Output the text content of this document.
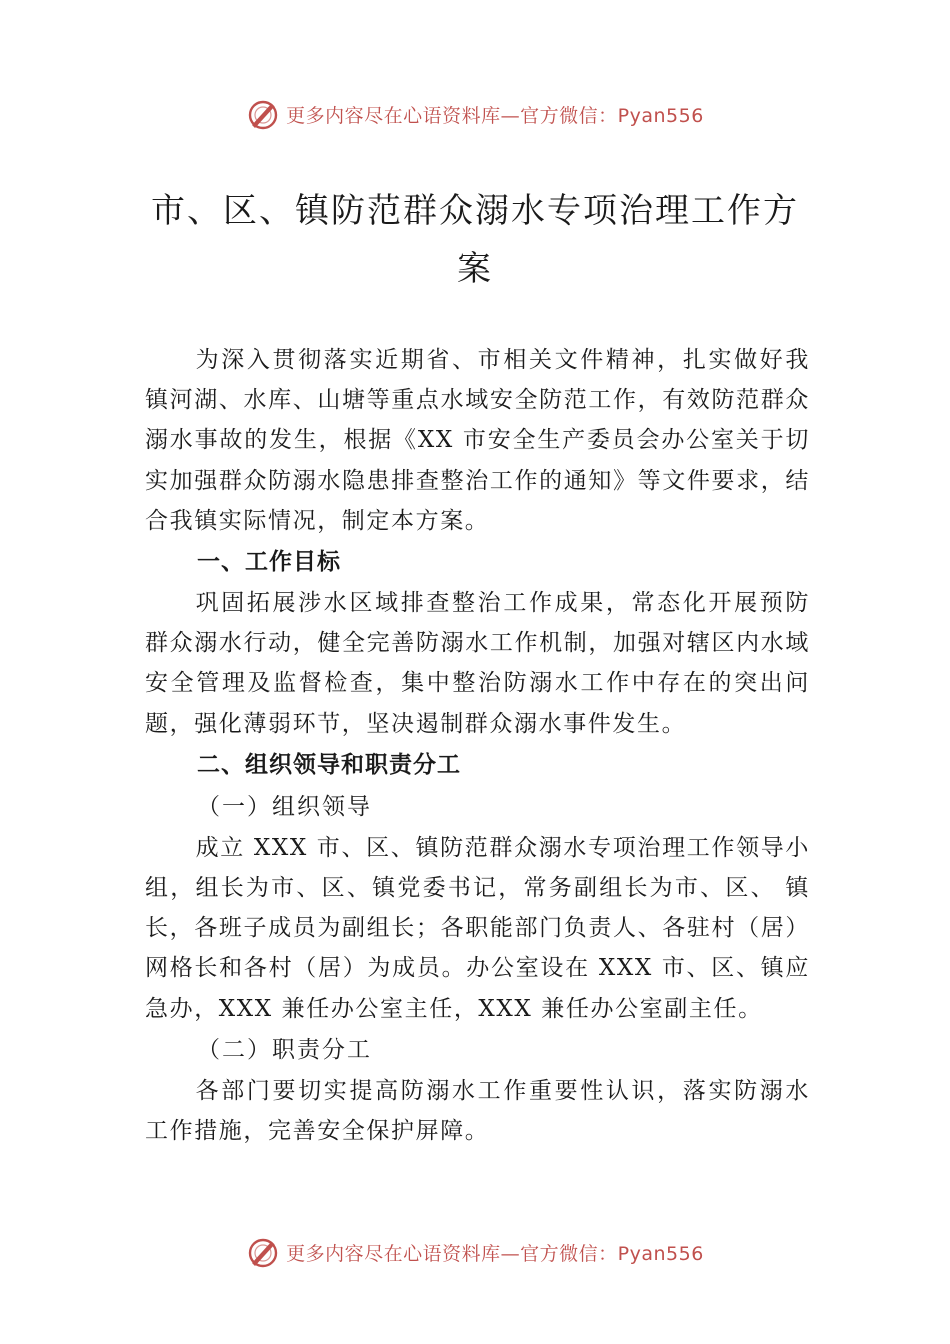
更多内容尽在心语资料库—官方微信：Pyan556
市、区、镇防范群众溺水专项治理工作方案

为深入贯彻落实近期省、市相关文件精神，扎实做好我镇河湖、水库、山塘等重点水域安全防范工作，有效防范群众溺水事故的发生，根据《XX 市安全生产委员会办公室关于切实加强群众防溺水隐患排查整治工作的通知》等文件要求，结合我镇实际情况，制定本方案。

一、工作目标

巩固拓展涉水区域排查整治工作成果，常态化开展预防群众溺水行动，健全完善防溺水工作机制，加强对辖区内水域安全管理及监督检查，集中整治防溺水工作中存在的突出问题，强化薄弱环节，坚决遏制群众溺水事件发生。

二、组织领导和职责分工

（一）组织领导

成立 XXX 市、区、镇防范群众溺水专项治理工作领导小组，组长为市、区、镇党委书记，常务副组长为市、区、 镇长，各班子成员为副组长；各职能部门负责人、各驻村（居）网格长和各村（居）为成员。办公室设在 XXX 市、区、镇应急办，XXX 兼任办公室主任，XXX 兼任办公室副主任。

（二）职责分工

各部门要切实提高防溺水工作重要性认识，落实防溺水工作措施，完善安全保护屏障。

更多内容尽在心语资料库—官方微信：Pyan556
